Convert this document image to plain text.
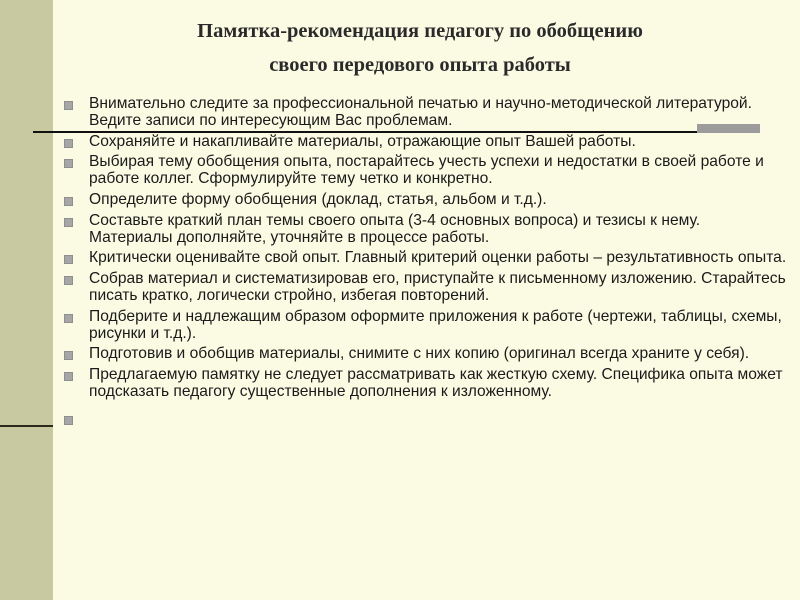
Памятка-рекомендация педагогу по обобщению
своего передового опыта работы
Внимательно следите за профессиональной печатью и научно-методической литературой. Ведите записи по интересующим Вас проблемам.
Сохраняйте и накапливайте материалы, отражающие опыт Вашей работы.
Выбирая тему обобщения опыта, постарайтесь учесть успехи и недостатки в своей работе и работе коллег. Сформулируйте тему четко и конкретно.
Определите форму обобщения (доклад, статья, альбом и т.д.).
Составьте краткий план темы своего опыта (3-4 основных вопроса) и тезисы к нему. Материалы дополняйте, уточняйте в процессе работы.
Критически оценивайте свой опыт. Главный критерий оценки работы – результативность опыта.
Собрав материал и систематизировав его, приступайте к письменному изложению. Старайтесь писать кратко, логически стройно, избегая повторений.
Подберите и надлежащим образом оформите приложения к работе (чертежи, таблицы, схемы, рисунки и т.д.).
Подготовив и обобщив материалы, снимите с них копию (оригинал всегда храните у себя).
Предлагаемую памятку не следует рассматривать как жесткую схему. Специфика опыта может подсказать педагогу существенные дополнения к изложенному.
